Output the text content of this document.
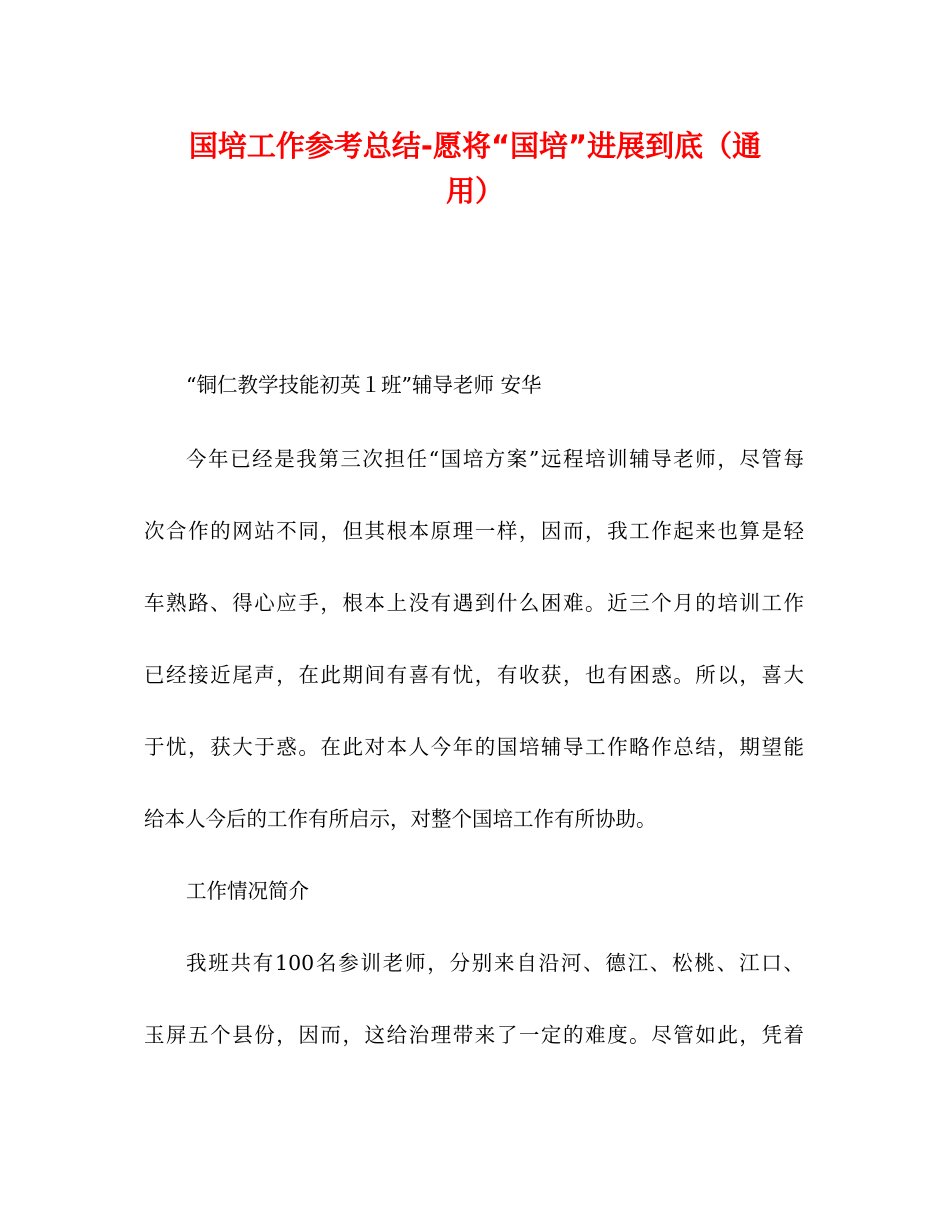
国培工作参考总结-愿将“国培”进展到底（通
用）

“铜仁教学技能初英１班”辅导老师 安华

今年已经是我第三次担任“国培方案”远程培训辅导老师，尽管每

次合作的网站不同，但其根本原理一样，因而，我工作起来也算是轻

车熟路、得心应手，根本上没有遇到什么困难。近三个月的培训工作

已经接近尾声，在此期间有喜有忧，有收获，也有困惑。所以，喜大

于忧，获大于惑。在此对本人今年的国培辅导工作略作总结，期望能

给本人今后的工作有所启示，对整个国培工作有所协助。

工作情况简介

我班共有100名参训老师，分别来自沿河、德江、松桃、江口、

玉屏五个县份，因而，这给治理带来了一定的难度。尽管如此，凭着
